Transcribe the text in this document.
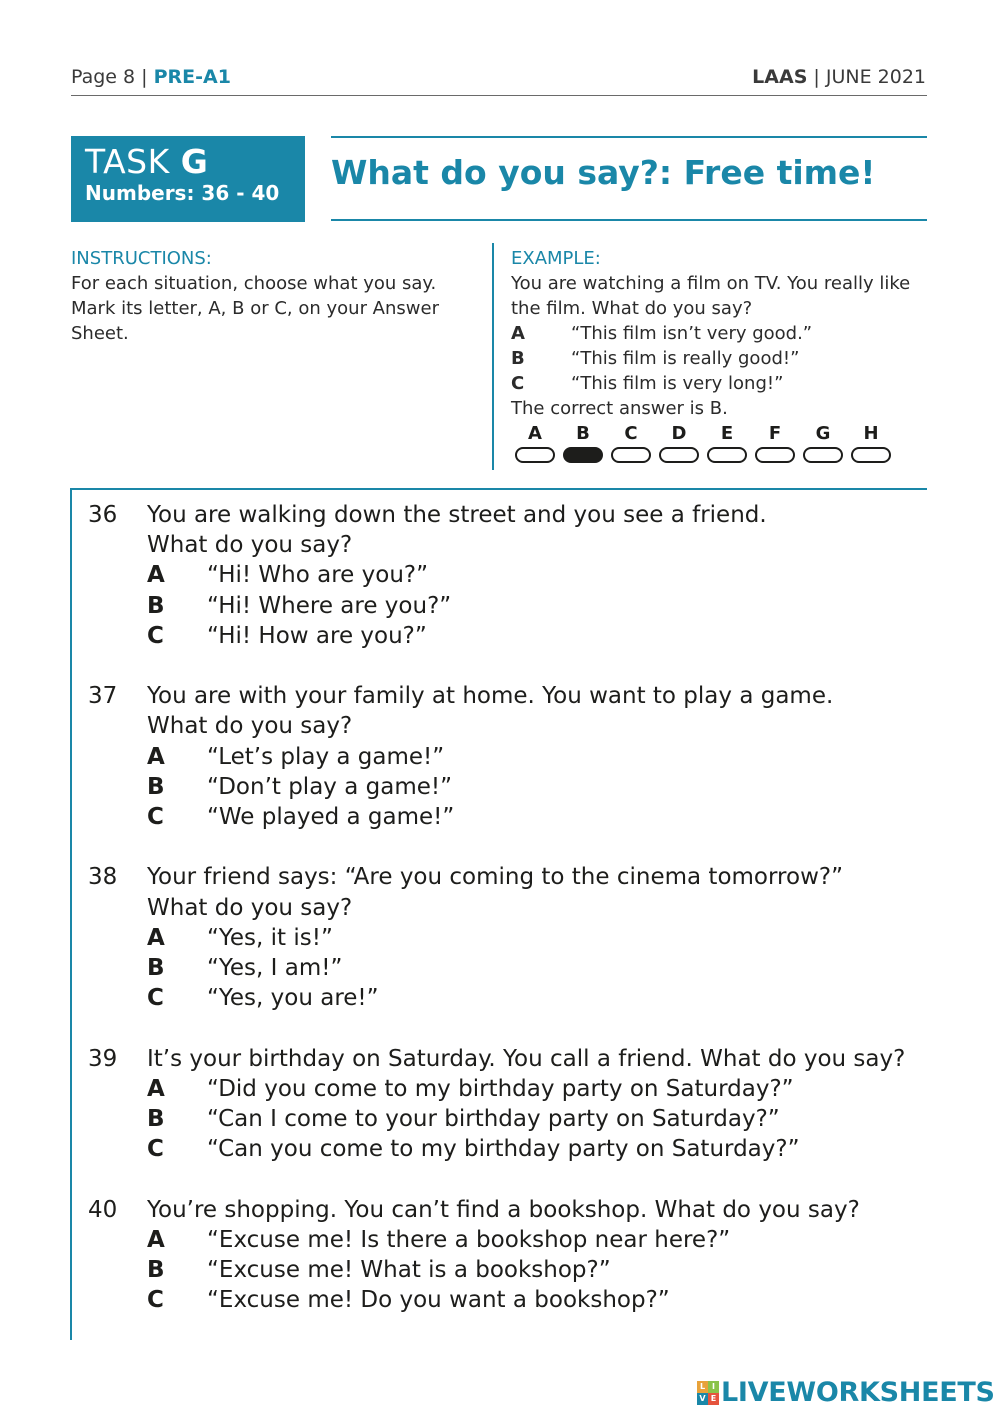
Page 8 | PRE-A1	LAAS | JUNE 2021
TASK G
Numbers: 36 - 40
What do you say?: Free time!
INSTRUCTIONS:
For each situation, choose what you say. Mark its letter, A, B or C, on your Answer Sheet.
EXAMPLE:
You are watching a film on TV. You really like the film. What do you say?
A	“This film isn’t very good.”
B	“This film is really good!”
C	“This film is very long!”
The correct answer is B.
A	B	C	D	E	F	G	H
36	You are walking down the street and you see a friend.
What do you say?
A	“Hi! Who are you?”
B	“Hi! Where are you?”
C	“Hi! How are you?”
37	You are with your family at home. You want to play a game.
What do you say?
A	“Let’s play a game!”
B	“Don’t play a game!”
C	“We played a game!”
38	Your friend says: “Are you coming to the cinema tomorrow?”
What do you say?
A	“Yes, it is!”
B	“Yes, I am!”
C	“Yes, you are!”
39	It’s your birthday on Saturday. You call a friend. What do you say?
A	“Did you come to my birthday party on Saturday?”
B	“Can I come to your birthday party on Saturday?”
C	“Can you come to my birthday party on Saturday?”
40	You’re shopping. You can’t find a bookshop. What do you say?
A	“Excuse me! Is there a bookshop near here?”
B	“Excuse me! What is a bookshop?”
C	“Excuse me! Do you want a bookshop?”
L I
V E LIVEWORKSHEETS
